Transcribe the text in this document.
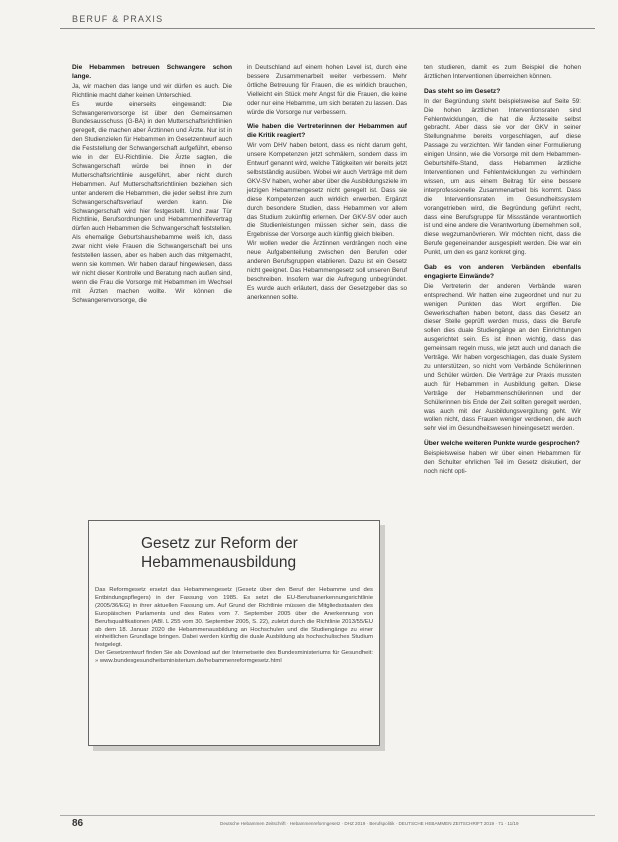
BERUF & PRAXIS
Die Hebammen betreuen Schwangere schon lange.

Ja, wir machen das lange und wir dürfen es auch. Die Richtlinie macht daher keinen Unterschied.

Es wurde einerseits eingewandt: Die Schwangerenvorsorge ist über den Gemeinsamen Bundesausschuss (G-BA) in den Mutterschaftsrichtlinien geregelt, die machen aber Ärztinnen und Ärzte. Nur ist in den Studienzielen für Hebammen im Gesetzentwurf auch die Feststellung der Schwangerschaft aufgeführt, ebenso wie in der EU-Richtlinie. Die Ärzte sagten, die Schwangerschaft würde bei ihnen in der Mutterschaftsrichtlinie ausgeführt, aber nicht durch Hebammen. Auf Mutterschaftsrichtlinien beziehen sich unter anderem die Hebammen, die jeder selbst ihre zum Schwangerschaftsverlauf werden kann. Die Schwangerschaft wird hier festgestellt. Und zwar Tür Richtlinie, Berufsordnungen und Hebammenhilfevertrag dürfen auch Hebammen die Schwangerschaft feststellen.

Als ehemalige Geburtshaushebamme weiß ich, dass zwar nicht viele Frauen die Schwangerschaft bei uns feststellen lassen, aber es haben auch das mitgemacht, wenn sie kommen. Wir haben darauf hingewiesen, dass wir nicht dieser Kontrolle und Beratung nach außen sind, wenn die Frau die Vorsorge mit Hebammen im Wechsel mit Ärzten machen wollte. Wir können die Schwangerenvorsorge, die

in Deutschland auf einem hohen Level ist, durch eine bessere Zusammenarbeit weiter verbessern. Mehr örtliche Betreuung für Frauen, die es wirklich brauchen, Vielleicht ein Stück mehr Angst für die Frauen, die keine oder nur eine Hebamme, um sich beraten zu lassen. Das würde die Vorsorge nur verbessern.

Wie haben die Vertreterinnen der Hebammen auf die Kritik reagiert?

Wir vom DHV haben betont, dass es nicht darum geht, unsere Kompetenzen jetzt schmälern, sondern dass im Entwurf genannt wird, welche Tätigkeiten wir bereits jetzt selbstständig ausüben. Wobei wir auch Verträge mit dem GKV-SV haben, woher aber über die Ausbildungsziele im jetzigen Hebammengesetz nicht geregelt ist. Dass sie diese Kompetenzen auch wirklich erwerben. Ergänzt durch besondere Studien, dass Hebammen vor allem das Studium zukünftig erlernen. Der GKV-SV oder auch die Studienleistungen müssen sicher sein, dass die Ergebnisse der Vorsorge auch künftig gleich bleiben.

Wir wollen weder die Ärztinnen verdrängen noch eine neue Aufgabenteilung zwischen den Berufen oder anderen Berufsgruppen etablieren. Dazu ist ein Gesetz nicht geeignet. Das Hebammengesetz soll unseren Beruf beschreiben. Insofern war die Aufregung unbegründet. Es wurde auch erläutert, dass der Gesetzgeber das so anerkennen sollte.

ten studieren, damit es zum Beispiel die hohen ärztlichen Interventionen überreichen können.

Das steht so im Gesetz?

In der Begründung steht beispielsweise auf Seite 59: Die hohen ärztlichen Interventionsraten sind Fehlentwicklungen, die hat die Ärzteseite selbst gebracht. Aber dass sie vor der GKV in seiner Stellungnahme bereits vorgeschlagen, auf diese Passage zu verzichten. Wir fanden einer Formulierung einigen Unsinn, wie die Vorsorge mit dem Hebammen-Geburtshilfe-Stand, dass Hebammen ärztliche Interventionen und Fehlentwicklungen zu verhindern wissen, um aus einem Beitrag für eine bessere interprofessionelle Zusammenarbeit bis kommt. Dass die Interventionsraten im Gesundheitssystem vorangetrieben wird, die Begründung geführt recht, dass eine Berufsgruppe für Missstände verantwortlich ist und eine andere die Verantwortung übernehmen soll, diese wegzumanövrieren. Wir möchten nicht, dass die Berufe gegeneinander ausgespielt werden. Die war ein Punkt, um den es ganz konkret ging.

Gab es von anderen Verbänden ebenfalls engagierte Einwände?

Die Vertreterin der anderen Verbände waren entsprechend. Wir hatten eine zugeordnet und nur zu wenigen Punkten das Wort ergriffen. Die Gewerkschaften haben betont, dass das Gesetz an dieser Stelle geprüft werden muss, dass die Berufe sollen dies duale Studiengänge an den Einrichtungen ausgerichtet sein. Es ist ihnen wichtig, dass das gemeinsam regeln muss, wie jetzt auch und danach die Verträge. Wir haben vorgeschlagen, das duale System zu unterstützen, so nicht vom Verbände Schülerinnen und Schüler würden. Die Verträge zur Praxis mussten auch für Hebammen in Ausbildung gelten. Diese Verträge der Hebammenschülerinnen und der Schülerinnen bis Ende der Zeit sollten geregelt werden, was auch mit der Ausbildungsvergütung geht. Wir wollen nicht, dass Frauen weniger verdienen, die auch sehr viel im Gesundheitswesen hineingesetzt werden.

Über welche weiteren Punkte wurde gesprochen?

Beispielsweise haben wir über einen Hebammen für den Schulter ehrlichen Teil im Gesetz diskutiert, der noch nicht opti-

Gesetz zur Reform der
Hebammenausbildung

Das Reformgesetz ersetzt das Hebammengesetz (Gesetz über den Beruf der Hebamme und des Entbindungspflegers) in der Fassung von 1985. Es setzt die EU-Berufsanerkennungsrichtlinie (2005/36/EG) in ihrer aktuellen Fassung um. Auf Grund der Richtlinie müssen die Mitgliedsstaaten des Europäischen Parlaments und des Rates vom 7. September 2005 über die Anerkennung von Berufsqualifikationen (ABl. L 255 vom 30. September 2005, S. 22), zuletzt durch die Richtlinie 2013/55/EU ab dem 18. Januar 2020 die Hebammenausbildung an Hochschulen und die Studiengänge zu einer einheitlichen Grundlage bringen. Dabei werden künftig die duale Ausbildung als hochschulisches Studium festgelegt.

Der Gesetzentwurf finden Sie als Download auf der Internetseite des Bundesministeriums für Gesundheit: » www.bundesgesundheitsministerium.de/hebammenreformgesetz.html

86	Deutsche Hebammen Zeitschrift · Hebammenreformgesetz · DHZ 2019 · Berufspolitik · DEUTSCHE HEBAMMEN ZEITSCHRIFT 2019 · 71 · 11/19
